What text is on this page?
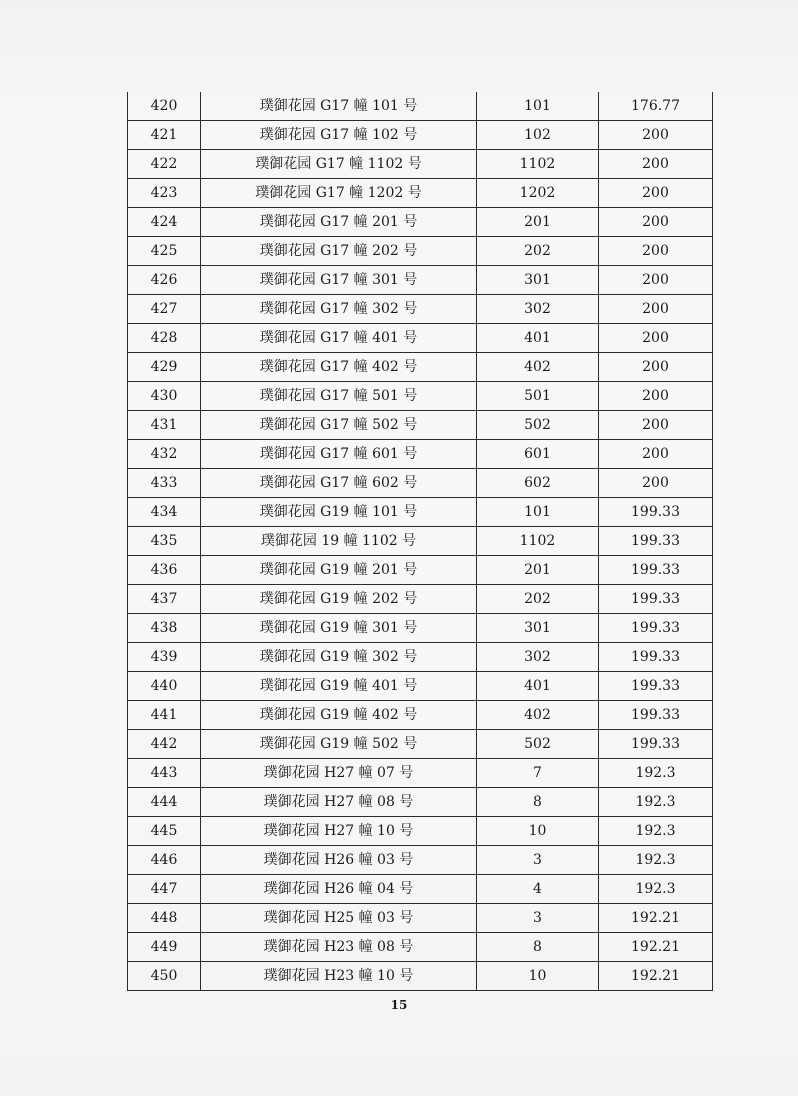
420	璞御花园 G17 幢 101 号	101	176.77
421	璞御花园 G17 幢 102 号	102	200
422	璞御花园 G17 幢 1102 号	1102	200
423	璞御花园 G17 幢 1202 号	1202	200
424	璞御花园 G17 幢 201 号	201	200
425	璞御花园 G17 幢 202 号	202	200
426	璞御花园 G17 幢 301 号	301	200
427	璞御花园 G17 幢 302 号	302	200
428	璞御花园 G17 幢 401 号	401	200
429	璞御花园 G17 幢 402 号	402	200
430	璞御花园 G17 幢 501 号	501	200
431	璞御花园 G17 幢 502 号	502	200
432	璞御花园 G17 幢 601 号	601	200
433	璞御花园 G17 幢 602 号	602	200
434	璞御花园 G19 幢 101 号	101	199.33
435	璞御花园 19 幢 1102 号	1102	199.33
436	璞御花园 G19 幢 201 号	201	199.33
437	璞御花园 G19 幢 202 号	202	199.33
438	璞御花园 G19 幢 301 号	301	199.33
439	璞御花园 G19 幢 302 号	302	199.33
440	璞御花园 G19 幢 401 号	401	199.33
441	璞御花园 G19 幢 402 号	402	199.33
442	璞御花园 G19 幢 502 号	502	199.33
443	璞御花园 H27 幢 07 号	7	192.3
444	璞御花园 H27 幢 08 号	8	192.3
445	璞御花园 H27 幢 10 号	10	192.3
446	璞御花园 H26 幢 03 号	3	192.3
447	璞御花园 H26 幢 04 号	4	192.3
448	璞御花园 H25 幢 03 号	3	192.21
449	璞御花园 H23 幢 08 号	8	192.21
450	璞御花园 H23 幢 10 号	10	192.21
15
